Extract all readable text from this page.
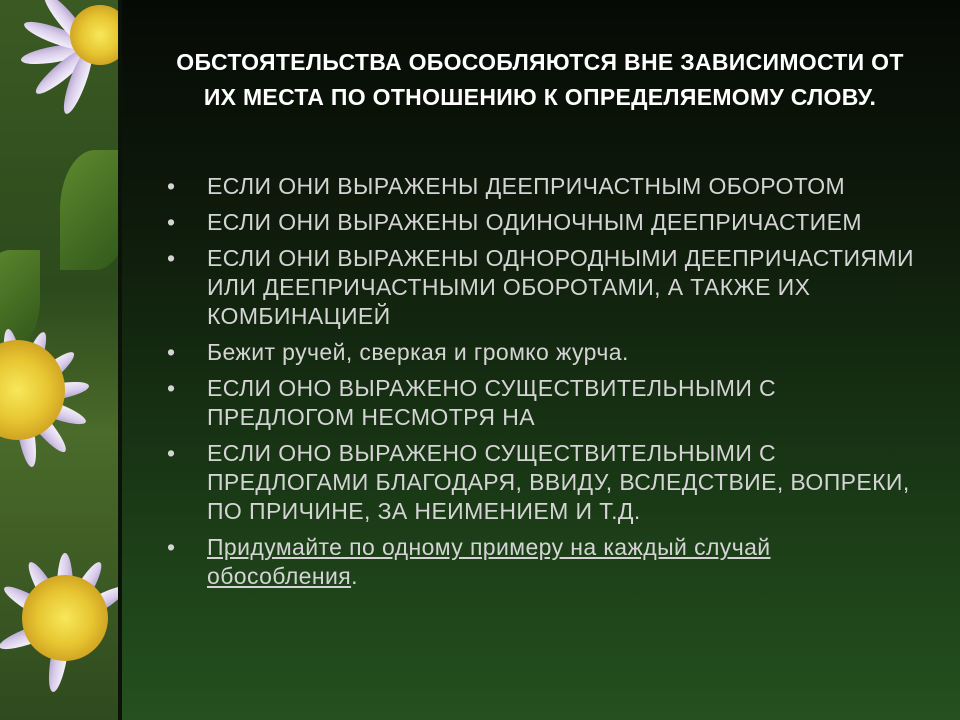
ОБСТОЯТЕЛЬСТВА ОБОСОБЛЯЮТСЯ ВНЕ ЗАВИСИМОСТИ ОТ ИХ МЕСТА ПО ОТНОШЕНИЮ К ОПРЕДЕЛЯЕМОМУ СЛОВУ.
• ЕСЛИ ОНИ ВЫРАЖЕНЫ ДЕЕПРИЧАСТНЫМ ОБОРОТОМ
• ЕСЛИ ОНИ ВЫРАЖЕНЫ ОДИНОЧНЫМ ДЕЕПРИЧАСТИЕМ
• ЕСЛИ ОНИ ВЫРАЖЕНЫ ОДНОРОДНЫМИ ДЕЕПРИЧАСТИЯМИ ИЛИ ДЕЕПРИЧАСТНЫМИ ОБОРОТАМИ, А ТАКЖЕ ИХ КОМБИНАЦИЕЙ
• Бежит ручей, сверкая и громко журча.
• ЕСЛИ ОНО ВЫРАЖЕНО СУЩЕСТВИТЕЛЬНЫМИ С ПРЕДЛОГОМ НЕСМОТРЯ НА
• ЕСЛИ ОНО ВЫРАЖЕНО СУЩЕСТВИТЕЛЬНЫМИ С ПРЕДЛОГАМИ БЛАГОДАРЯ, ВВИДУ, ВСЛЕДСТВИЕ, ВОПРЕКИ, ПО ПРИЧИНЕ, ЗА НЕИМЕНИЕМ И Т.Д.
• Придумайте по одному примеру на каждый случай обособления.
